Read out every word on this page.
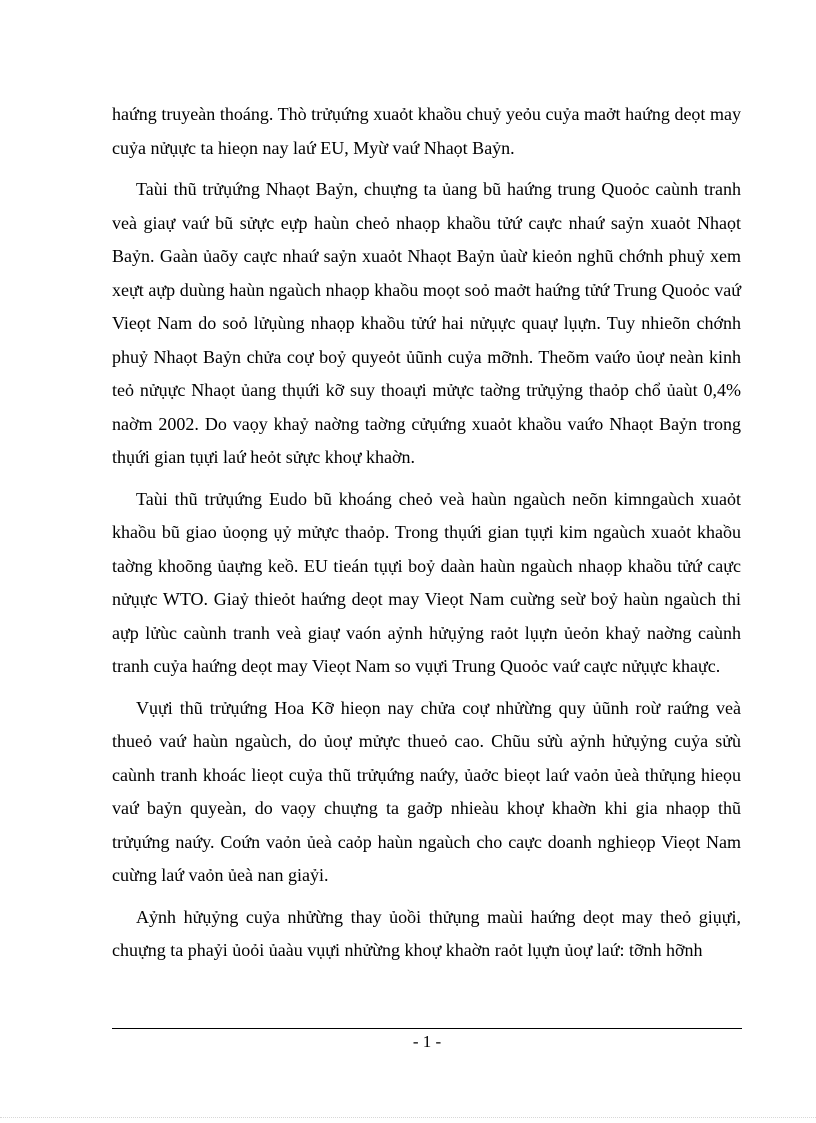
haứng truyeàn thoáng. Thò trửụứng xuaỏt khaồu chuỷ yeỏu cuỷa maởt haứng deọt may cuỷa nửụực ta hieọn nay laứ EU, Myừ vaứ Nhaọt Baỷn.

Taùi thũ trửụứng Nhaọt Baỷn, chuựng ta ủang bũ haứng trung Quoỏc caùnh tranh veà giaự vaứ bũ sửực eựp haùn cheỏ nhaọp khaồu tửứ caực nhaứ saỷn xuaỏt Nhaọt Baỷn. Gaàn ủaõy caực nhaứ saỷn xuaỏt Nhaọt Baỷn ủaừ kieỏn nghũ chớnh phuỷ xem xeựt aựp duùng haùn ngaùch nhaọp khaồu moọt soỏ maởt haứng tửứ Trung Quoỏc vaứ Vieọt Nam do soỏ lửụùng nhaọp khaồu tửứ hai nửụực quaự lụựn. Tuy nhieõn chớnh phuỷ Nhaọt Baỷn chửa coự boỷ quyeỏt ủũnh cuỷa mỡnh. Theõm vaứo ủoự neàn kinh teỏ nửụực Nhaọt ủang thụứi kỡ suy thoaựi mửực taờng trửụỷng thaỏp chổ ủaùt 0,4% naờm 2002. Do vaọy khaỷ naờng taờng cửụứng xuaỏt khaồu vaứo Nhaọt Baỷn trong thụứi gian tụựi laứ heỏt sửực khoự khaờn.

Taùi thũ trửụứng Eudo bũ khoáng cheỏ veà haùn ngaùch neõn kimngaùch xuaỏt khaồu bũ giao ủoọng ụỷ mửực thaỏp. Trong thụứi gian tụựi kim ngaùch xuaỏt khaồu taờng khoõng ủaựng keồ. EU tieán tụựi boỷ daàn haùn ngaùch nhaọp khaồu tửứ caực nửụực WTO. Giaỷ thieỏt haứng deọt may Vieọt Nam cuừng seừ boỷ haùn ngaùch thi aựp lửùc caùnh tranh veà giaự vaón aỷnh hửụỷng raỏt lụựn ủeỏn khaỷ naờng caùnh tranh cuỷa haứng deọt may Vieọt Nam so vụựi Trung Quoỏc vaứ caực nửụực khaực.

Vụựi thũ trửụứng Hoa Kỡ hieọn nay chửa coự nhửừng quy ủũnh roừ raứng veà thueỏ vaứ haùn ngaùch, do ủoự mửực thueỏ cao. Chũu sửù aỷnh hửụỷng cuỷa sửù caùnh tranh khoác lieọt cuỷa thũ trửụứng naứy, ủaởc bieọt laứ vaỏn ủeà thửụng hieọu vaứ baỷn quyeàn, do vaọy chuựng ta gaởp nhieàu khoự khaờn khi gia nhaọp thũ trửụứng naứy. Coứn vaỏn ủeà caỏp haùn ngaùch cho caực doanh nghieọp Vieọt Nam cuừng laứ vaỏn ủeà nan giaỷi.

Aỷnh hửụỷng cuỷa nhửừng thay ủoồi thửụng maùi haứng deọt may theỏ giụựi, chuựng ta phaỷi ủoỏi ủaàu vụựi nhửừng khoự khaờn raỏt lụựn ủoự laứ: tỡnh hỡnh

- 1 -
